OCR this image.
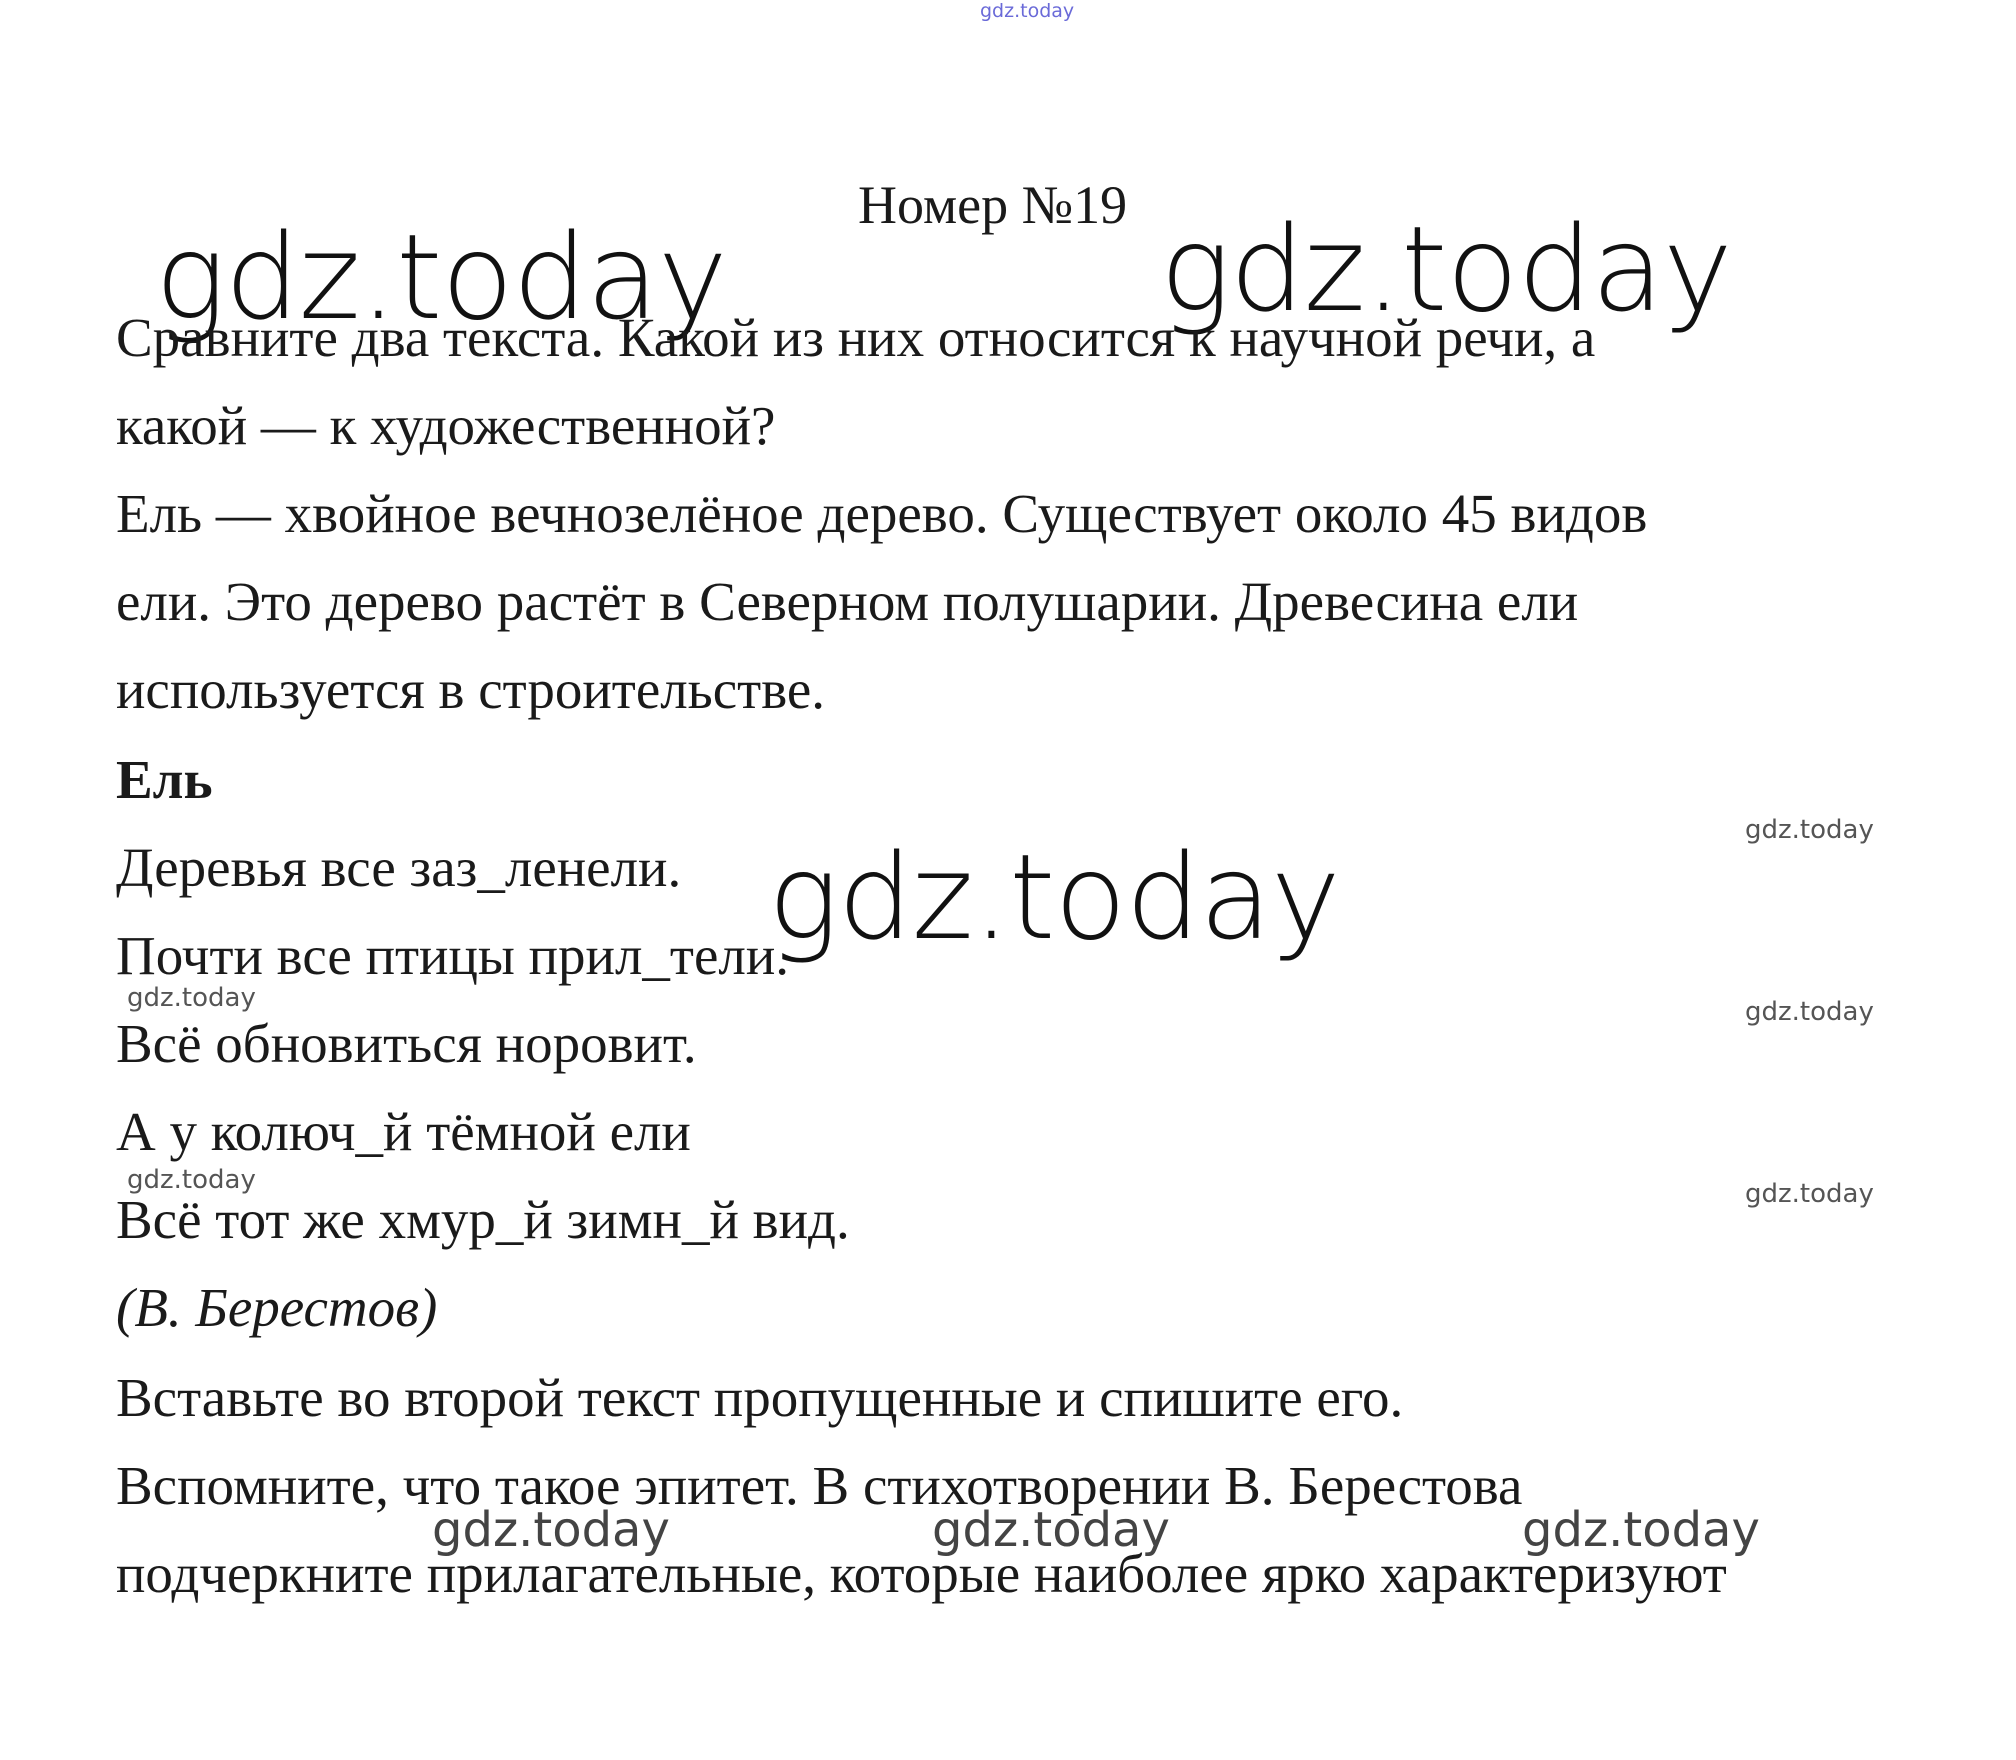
gdz.today
Номер №19
gdz.today	gdz.today
gdz.today
Сравните два текста. Какой из них относится к научной речи, а
какой — к художественной?
Ель — хвойное вечнозелёное дерево. Существует около 45 видов
ели. Это дерево растёт в Северном полушарии. Древесина ели
используется в строительстве.
Ель
Деревья все заз_ленели.
Почти все птицы прил_тели.
Всё обновиться норовит.
А у колюч_й тёмной ели
Всё тот же хмур_й зимн_й вид.
(В. Берестов)
Вставьте во второй текст пропущенные и спишите его.
Вспомните, что такое эпитет. В стихотворении В. Берестова
подчеркните прилагательные, которые наиболее ярко характеризуют
gdz.today
gdz.today	gdz.today
gdz.today	gdz.today
gdz.today	gdz.today	gdz.today
